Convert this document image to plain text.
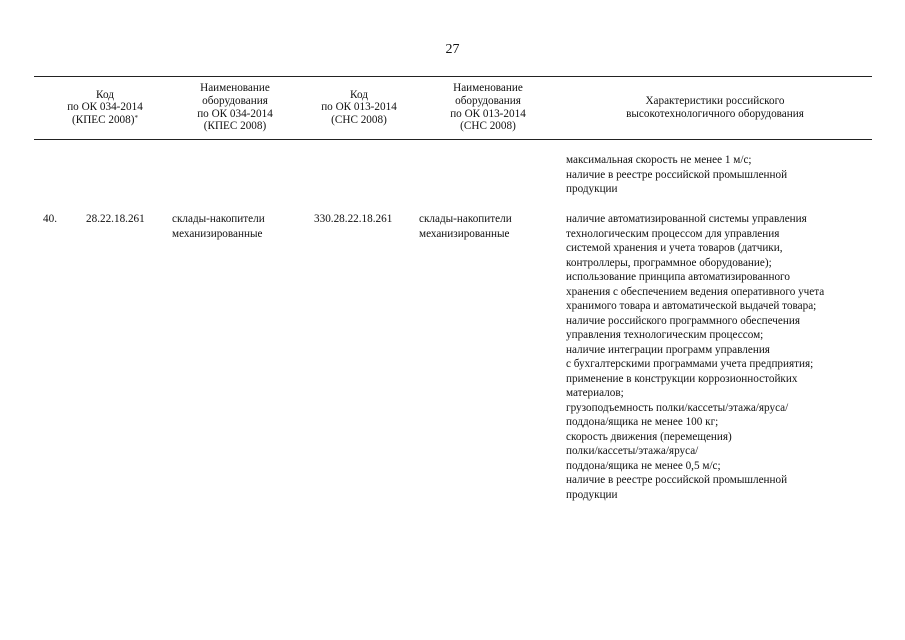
27
Код
по ОК 034-2014
(КПЕС 2008)*
Наименование
оборудования
по ОК 034-2014
(КПЕС 2008)
Код
по ОК 013-2014
(СНС 2008)
Наименование
оборудования
по ОК 013-2014
(СНС 2008)
Характеристики российского
высокотехнологичного оборудования
максимальная скорость не менее 1 м/с;
наличие в реестре российской промышленной
продукции
40.	28.22.18.261 склады-накопители
механизированные
330.28.22.18.261 склады-накопители
механизированные
наличие автоматизированной системы управления
технологическим процессом для управления
системой хранения и учета товаров (датчики,
контроллеры, программное оборудование);
использование принципа автоматизированного
хранения с обеспечением ведения оперативного учета
хранимого товара и автоматической выдачей товара;
наличие российского программного обеспечения
управления технологическим процессом;
наличие интеграции программ управления
с бухгалтерскими программами учета предприятия;
применение в конструкции коррозионностойких
материалов;
грузоподъемность полки/кассеты/этажа/яруса/
поддона/ящика не менее 100 кг;
скорость движения (перемещения)
полки/кассеты/этажа/яруса/
поддона/ящика не менее 0,5 м/с;
наличие в реестре российской промышленной
продукции
